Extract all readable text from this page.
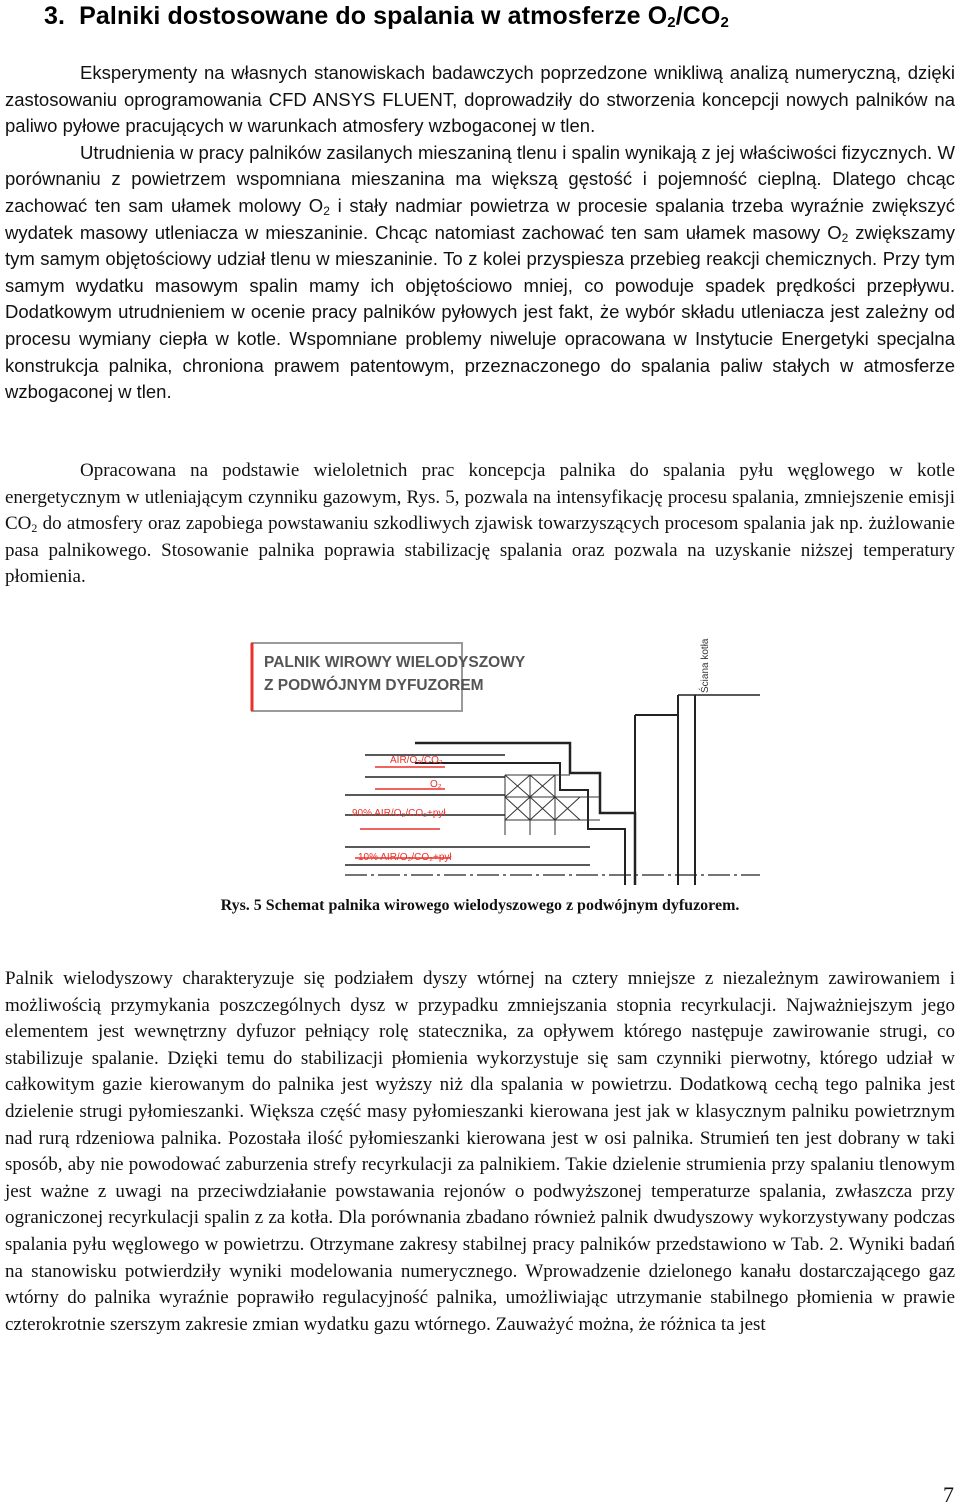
3. Palniki dostosowane do spalania w atmosferze $O_2/CO_2$

Eksperymenty na własnych stanowiskach badawczych poprzedzone wnikliwą analizą numeryczną, dzięki zastosowaniu oprogramowania CFD ANSYS FLUENT, doprowadziły do stworzenia koncepcji nowych palników na paliwo pyłowe pracujących w warunkach atmosfery wzbogaconej w tlen.

Utrudnienia w pracy palników zasilanych mieszaniną tlenu i spalin wynikają z jej właściwości fizycznych. W porównaniu z powietrzem wspomniana mieszanina ma większą gęstość i pojemność cieplną. Dlatego chcąc zachować ten sam ułamek molowy $O_2$ i stały nadmiar powietrza w procesie spalania trzeba wyraźnie zwiększyć wydatek masowy utleniacza w mieszaninie. Chcąc natomiast zachować ten sam ułamek masowy $O_2$ zwiększamy tym samym objętościowy udział tlenu w mieszaninie. To z kolei przyspiesza przebieg reakcji chemicznych. Przy tym samym wydatku masowym spalin mamy ich objętościowo mniej, co powoduje spadek prędkości przepływu. Dodatkowym utrudnieniem w ocenie pracy palników pyłowych jest fakt, że wybór składu utleniacza jest zależny od procesu wymiany ciepła w kotle. Wspomniane problemy niweluje opracowana w Instytucie Energetyki specjalna konstrukcja palnika, chroniona prawem patentowym, przeznaczonego do spalania paliw stałych w atmosferze wzbogaconej w tlen.

Opracowana na podstawie wieloletnich prac koncepcja palnika do spalania pyłu węglowego w kotle energetycznym w utleniającym czynniku gazowym, Rys. 5, pozwala na intensyfikację procesu spalania, zmniejszenie emisji $CO_2$ do atmosfery oraz zapobiega powstawaniu szkodliwych zjawisk towarzyszących procesom spalania jak np. żużlowanie pasa palnikowego. Stosowanie palnika poprawia stabilizację spalania oraz pozwala na uzyskanie niższej temperatury płomienia.

PALNIK WIROWY WIELODYSZOWY
Z PODWÓJNYM DYFUZOREM	Ściana kotła
AIR/O₂/CO₂
O₂
90% AIR/O₂/CO₂+pył
10% AIR/O₂/CO₂+pył

Rys. 5 Schemat palnika wirowego wielodyszowego z podwójnym dyfuzorem.

Palnik wielodyszowy charakteryzuje się podziałem dyszy wtórnej na cztery mniejsze z niezależnym zawirowaniem i możliwością przymykania poszczególnych dysz w przypadku zmniejszania stopnia recyrkulacji. Najważniejszym jego elementem jest wewnętrzny dyfuzor pełniący rolę statecznika, za opływem którego następuje zawirowanie strugi, co stabilizuje spalanie. Dzięki temu do stabilizacji płomienia wykorzystuje się sam czynniki pierwotny, którego udział w całkowitym gazie kierowanym do palnika jest wyższy niż dla spalania w powietrzu. Dodatkową cechą tego palnika jest dzielenie strugi pyłomieszanki. Większa część masy pyłomieszanki kierowana jest jak w klasycznym palniku powietrznym nad rurą rdzeniowa palnika. Pozostała ilość pyłomieszanki kierowana jest w osi palnika. Strumień ten jest dobrany w taki sposób, aby nie powodować zaburzenia strefy recyrkulacji za palnikiem. Takie dzielenie strumienia przy spalaniu tlenowym jest ważne z uwagi na przeciwdziałanie powstawania rejonów o podwyższonej temperaturze spalania, zwłaszcza przy ograniczonej recyrkulacji spalin z za kotła. Dla porównania zbadano również palnik dwudyszowy wykorzystywany podczas spalania pyłu węglowego w powietrzu. Otrzymane zakresy stabilnej pracy palników przedstawiono w Tab. 2. Wyniki badań na stanowisku potwierdziły wyniki modelowania numerycznego. Wprowadzenie dzielonego kanału dostarczającego gaz wtórny do palnika wyraźnie poprawiło regulacyjność palnika, umożliwiając utrzymanie stabilnego płomienia w prawie czterokrotnie szerszym zakresie zmian wydatku gazu wtórnego. Zauważyć można, że różnica ta jest

7
